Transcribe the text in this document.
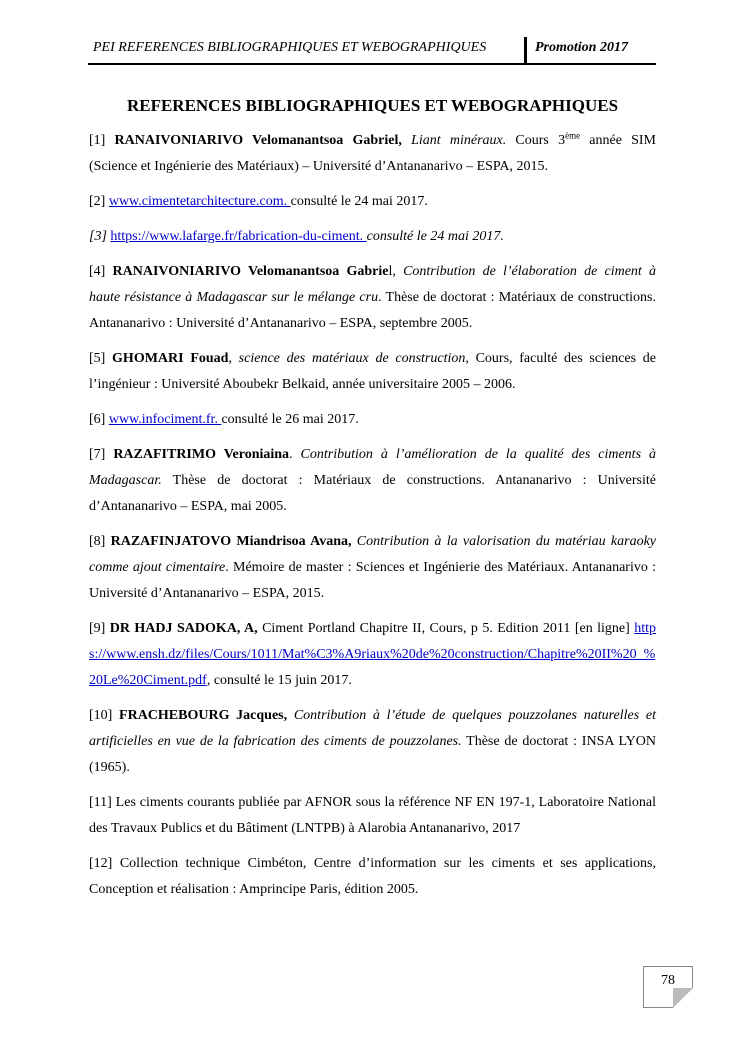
PEI REFERENCES BIBLIOGRAPHIQUES ET WEBOGRAPHIQUES	Promotion 2017
REFERENCES BIBLIOGRAPHIQUES ET WEBOGRAPHIQUES

[1] RANAIVONIARIVO Velomanantsoa Gabriel, Liant minéraux. Cours 3ème année SIM (Science et Ingénierie des Matériaux) – Université d’Antananarivo – ESPA, 2015.

[2] www.cimentetarchitecture.com. consulté le 24 mai 2017.

[3] https://www.lafarge.fr/fabrication-du-ciment. consulté le 24 mai 2017.

[4] RANAIVONIARIVO Velomanantsoa Gabriel, Contribution de l’élaboration de ciment à haute résistance à Madagascar sur le mélange cru. Thèse de doctorat : Matériaux de constructions. Antananarivo : Université d’Antananarivo – ESPA, septembre 2005.

[5] GHOMARI Fouad, science des matériaux de construction, Cours, faculté des sciences de l’ingénieur : Université Aboubekr Belkaid, année universitaire 2005 – 2006.

[6] www.infociment.fr. consulté le 26 mai 2017.

[7] RAZAFITRIMO Veroniaina. Contribution à l’amélioration de la qualité des ciments à Madagascar. Thèse de doctorat : Matériaux de constructions. Antananarivo : Université d’Antananarivo – ESPA, mai 2005.

[8] RAZAFINJATOVO Miandrisoa Avana, Contribution à la valorisation du matériau karaoky comme ajout cimentaire. Mémoire de master : Sciences et Ingénierie des Matériaux. Antananarivo : Université d’Antananarivo – ESPA, 2015.

[9] DR HADJ SADOKA, A, Ciment Portland Chapitre II, Cours, p 5. Edition 2011 [en ligne] https://www.ensh.dz/files/Cours/1011/Mat%C3%A9riaux%20de%20construction/Chapitre%20II%20_%20Le%20Ciment.pdf, consulté le 15 juin 2017.

[10] FRACHEBOURG Jacques, Contribution à l’étude de quelques pouzzolanes naturelles et artificielles en vue de la fabrication des ciments de pouzzolanes. Thèse de doctorat : INSA LYON (1965).

[11] Les ciments courants publiée par AFNOR sous la référence NF EN 197-1, Laboratoire National des Travaux Publics et du Bâtiment (LNTPB) à Alarobia Antananarivo, 2017

[12] Collection technique Cimbéton, Centre d’information sur les ciments et ses applications, Conception et réalisation : Amprincipe Paris, édition 2005.

78
